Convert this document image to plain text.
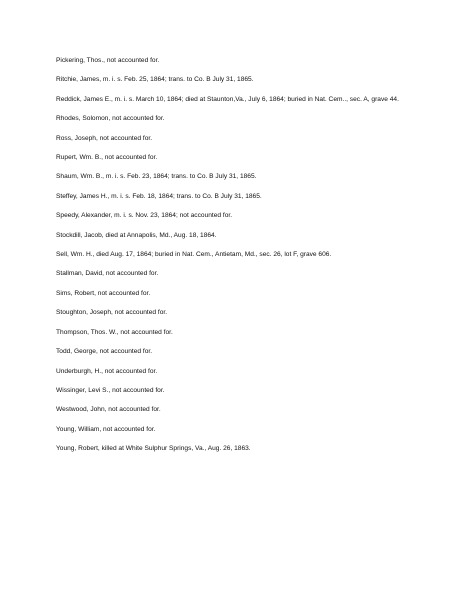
Pickering, Thos., not accounted for.
Ritchie, James, m. i. s. Feb. 25, 1864; trans. to Co. B July 31, 1865.
Reddick, James E., m. i. s. March 10, 1864; died at Staunton,Va., July 6, 1864; buried in Nat. Cem.., sec. A, grave 44.
Rhodes, Solomon, not accounted for.
Ross, Joseph, not accounted for.
Rupert, Wm. B., not accounted for.
Shaum, Wm. B., m. i. s. Feb. 23, 1864; trans. to Co. B July 31, 1865.
Steffey, James H., m. i. s. Feb. 18, 1864; trans. to Co. B July 31, 1865.
Speedy, Alexander, m. i. s. Nov. 23, 1864; not accounted for.
Stockdill, Jacob, died at Annapolis, Md., Aug. 18, 1864.
Sell, Wm. H., died Aug. 17, 1864; buried in Nat. Cem., Antietam, Md., sec. 26, lot F, grave 606.
Stallman, David, not accounted for.
Sims, Robert, not accounted for.
Stoughton, Joseph, not accounted for.
Thompson, Thos. W., not accounted for.
Todd, George, not accounted for.
Underburgh, H., not accounted for.
Wissinger, Levi S., not accounted for.
Westwood, John, not accounted for.
Young, William, not accounted for.
Young, Robert, killed at White Sulphur Springs, Va., Aug. 26, 1863.
